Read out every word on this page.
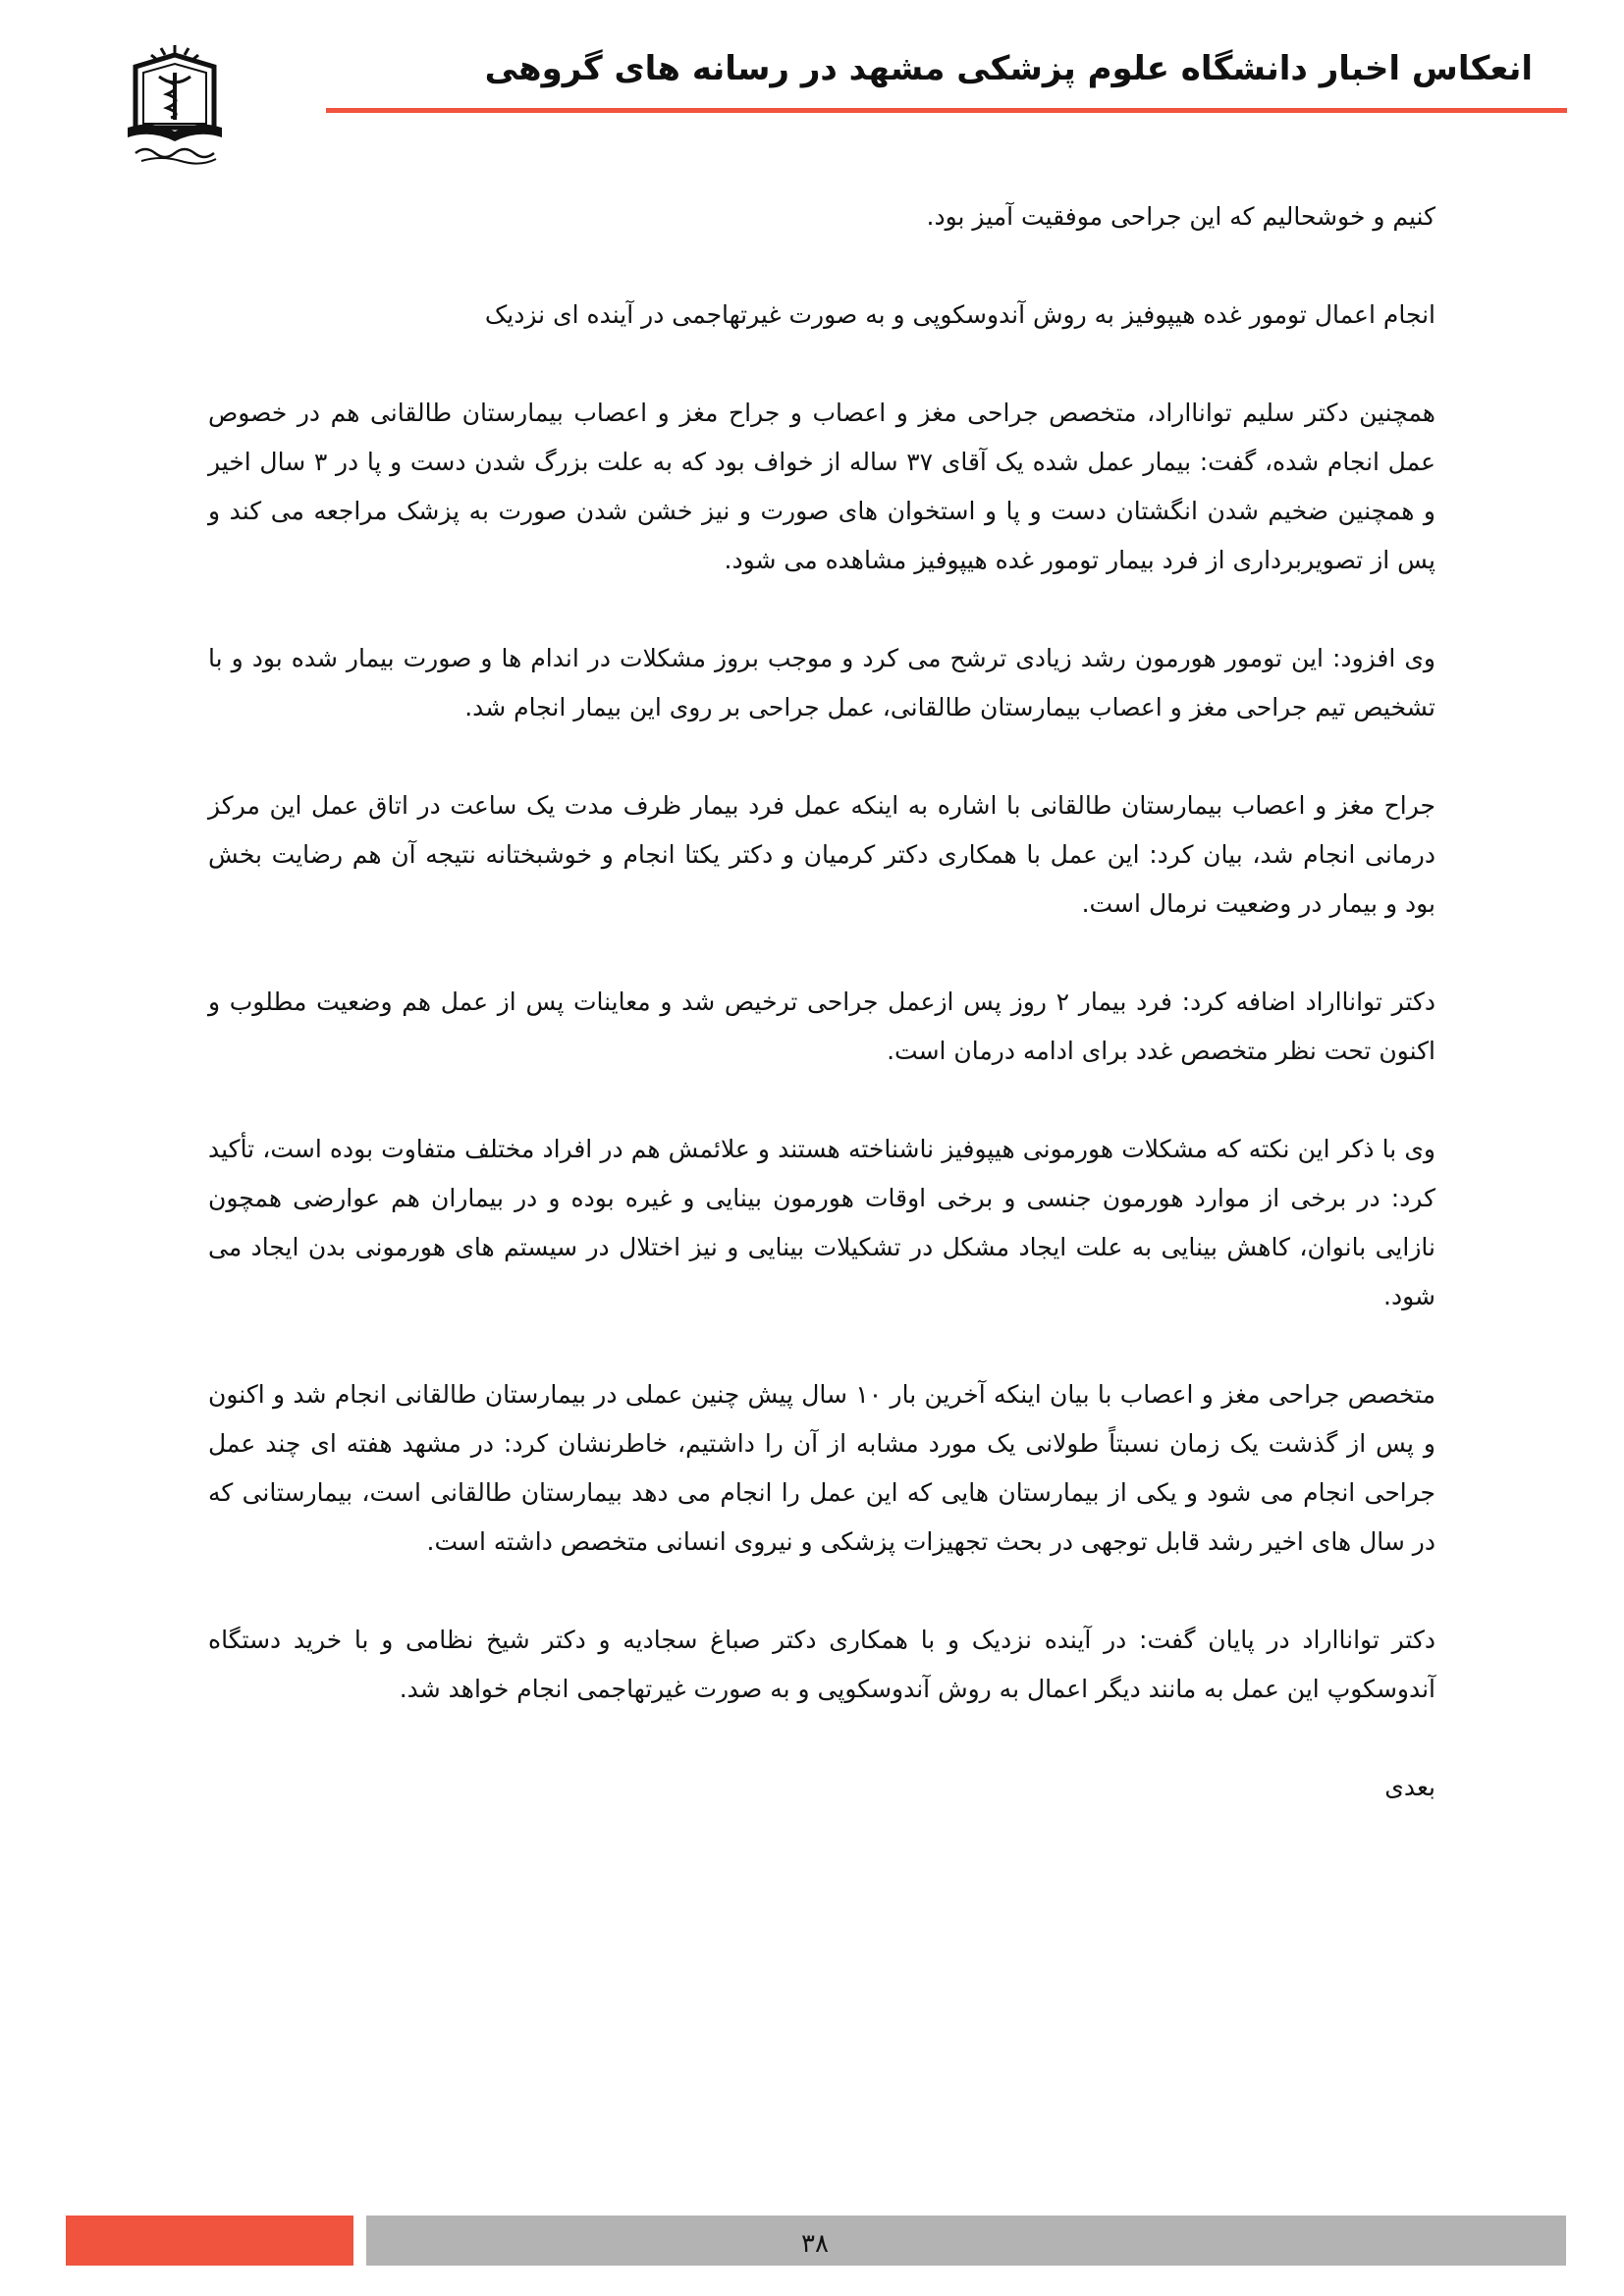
انعکاس اخبار دانشگاه علوم پزشکی مشهد در رسانه های گروهی

کنیم و خوشحالیم که این جراحی موفقیت آمیز بود.

انجام اعمال تومور غده هیپوفیز به روش آندوسکوپی و به صورت غیرتهاجمی در آینده ای نزدیک

همچنین دکتر سلیم توانااراد، متخصص جراحی مغز و اعصاب و جراح مغز و اعصاب بیمارستان طالقانی هم در خصوص عمل انجام شده، گفت: بیمار عمل شده یک آقای ۳۷ ساله از خواف بود که به علت بزرگ شدن دست و پا در ۳ سال اخیر و همچنین ضخیم شدن انگشتان دست و پا و استخوان های صورت و نیز خشن شدن صورت به پزشک مراجعه می کند و پس از تصویربرداری از فرد بیمار تومور غده هیپوفیز مشاهده می شود.

وی افزود: این تومور هورمون رشد زیادی ترشح می کرد و موجب بروز مشکلات در اندام ها و صورت بیمار شده بود و با تشخیص تیم جراحی مغز و اعصاب بیمارستان طالقانی، عمل جراحی بر روی این بیمار انجام شد.

جراح مغز و اعصاب بیمارستان طالقانی با اشاره به اینکه عمل فرد بیمار ظرف مدت یک ساعت در اتاق عمل این مرکز درمانی انجام شد، بیان کرد: این عمل با همکاری دکتر کرمیان و دکتر یکتا انجام و خوشبختانه نتیجه آن هم رضایت بخش بود و بیمار در وضعیت نرمال است.

دکتر توانااراد اضافه کرد: فرد بیمار ۲ روز پس ازعمل جراحی ترخیص شد و معاینات پس از عمل هم وضعیت مطلوب و اکنون تحت نظر متخصص غدد برای ادامه درمان است.

وی با ذکر این نکته که مشکلات هورمونی هیپوفیز ناشناخته هستند و علائمش هم در افراد مختلف متفاوت بوده است، تأکید کرد: در برخی از موارد هورمون جنسی و برخی اوقات هورمون بینایی و غیره بوده و در بیماران هم عوارضی همچون نازایی بانوان، کاهش بینایی به علت ایجاد مشکل در تشکیلات بینایی و نیز اختلال در سیستم های هورمونی بدن ایجاد می شود.

متخصص جراحی مغز و اعصاب با بیان اینکه آخرین بار ۱۰ سال پیش چنین عملی در بیمارستان طالقانی انجام شد و اکنون و پس از گذشت یک زمان نسبتاً طولانی یک مورد مشابه از آن را داشتیم، خاطرنشان کرد: در مشهد هفته ای چند عمل جراحی انجام می شود و یکی از بیمارستان هایی که این عمل را انجام می دهد بیمارستان طالقانی است، بیمارستانی که در سال های اخیر رشد قابل توجهی در بحث تجهیزات پزشکی و نیروی انسانی متخصص داشته است.

دکتر توانااراد در پایان گفت: در آینده نزدیک و با همکاری دکتر صباغ سجادیه و دکتر شیخ نظامی و با خرید دستگاه آندوسکوپ این عمل به مانند دیگر اعمال به روش آندوسکوپی و به صورت غیرتهاجمی انجام خواهد شد.

بعدی

۳۸
